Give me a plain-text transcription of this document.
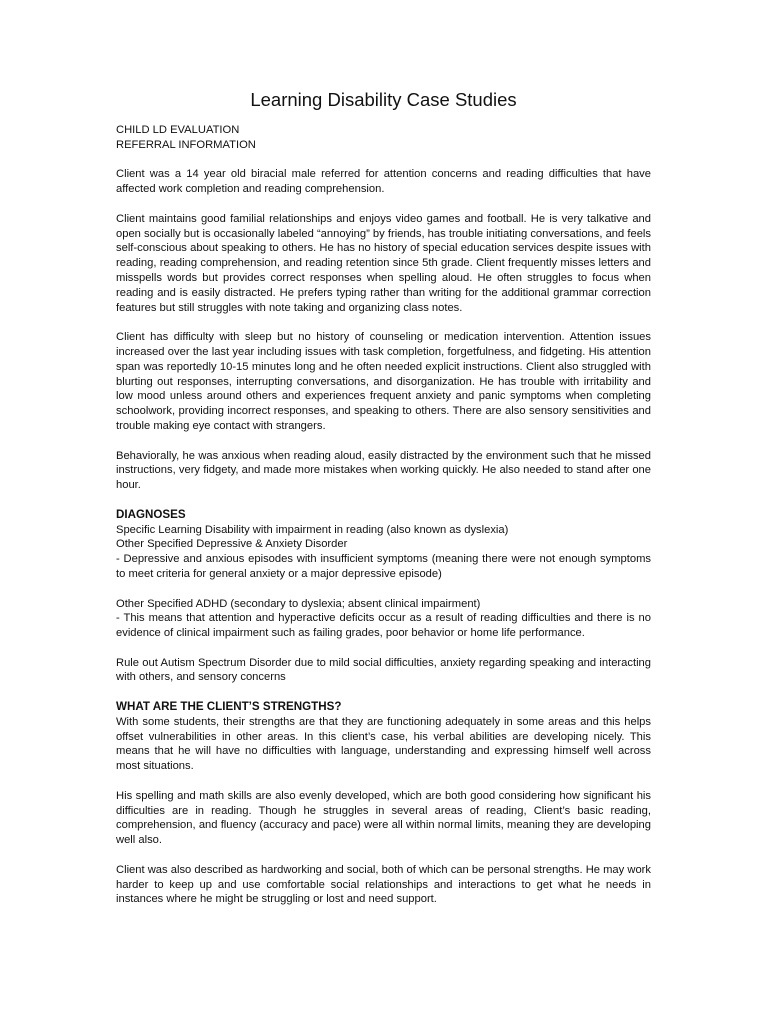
Learning Disability Case Studies
CHILD LD EVALUATION
REFERRAL INFORMATION

Client was a 14 year old biracial male referred for attention concerns and reading difficulties that have affected work completion and reading comprehension.

Client maintains good familial relationships and enjoys video games and football. He is very talkative and open socially but is occasionally labeled “annoying” by friends, has trouble initiating conversations, and feels self-conscious about speaking to others. He has no history of special education services despite issues with reading, reading comprehension, and reading retention since 5th grade. Client frequently misses letters and misspells words but provides correct responses when spelling aloud. He often struggles to focus when reading and is easily distracted. He prefers typing rather than writing for the additional grammar correction features but still struggles with note taking and organizing class notes.

Client has difficulty with sleep but no history of counseling or medication intervention. Attention issues increased over the last year including issues with task completion, forgetfulness, and fidgeting. His attention span was reportedly 10-15 minutes long and he often needed explicit instructions. Client also struggled with blurting out responses, interrupting conversations, and disorganization. He has trouble with irritability and low mood unless around others and experiences frequent anxiety and panic symptoms when completing schoolwork, providing incorrect responses, and speaking to others. There are also sensory sensitivities and trouble making eye contact with strangers.

Behaviorally, he was anxious when reading aloud, easily distracted by the environment such that he missed instructions, very fidgety, and made more mistakes when working quickly. He also needed to stand after one hour.

DIAGNOSES
Specific Learning Disability with impairment in reading (also known as dyslexia)
Other Specified Depressive & Anxiety Disorder
- Depressive and anxious episodes with insufficient symptoms (meaning there were not enough symptoms to meet criteria for general anxiety or a major depressive episode)
Other Specified ADHD (secondary to dyslexia; absent clinical impairment)
- This means that attention and hyperactive deficits occur as a result of reading difficulties and there is no evidence of clinical impairment such as failing grades, poor behavior or home life performance.
Rule out Autism Spectrum Disorder due to mild social difficulties, anxiety regarding speaking and interacting with others, and sensory concerns
WHAT ARE THE CLIENT’S STRENGTHS?

With some students, their strengths are that they are functioning adequately in some areas and this helps offset vulnerabilities in other areas. In this client’s case, his verbal abilities are developing nicely. This means that he will have no difficulties with language, understanding and expressing himself well across most situations.

His spelling and math skills are also evenly developed, which are both good considering how significant his difficulties are in reading. Though he struggles in several areas of reading, Client’s basic reading, comprehension, and fluency (accuracy and pace) were all within normal limits, meaning they are developing well also.

Client was also described as hardworking and social, both of which can be personal strengths. He may work harder to keep up and use comfortable social relationships and interactions to get what he needs in instances where he might be struggling or lost and need support.
